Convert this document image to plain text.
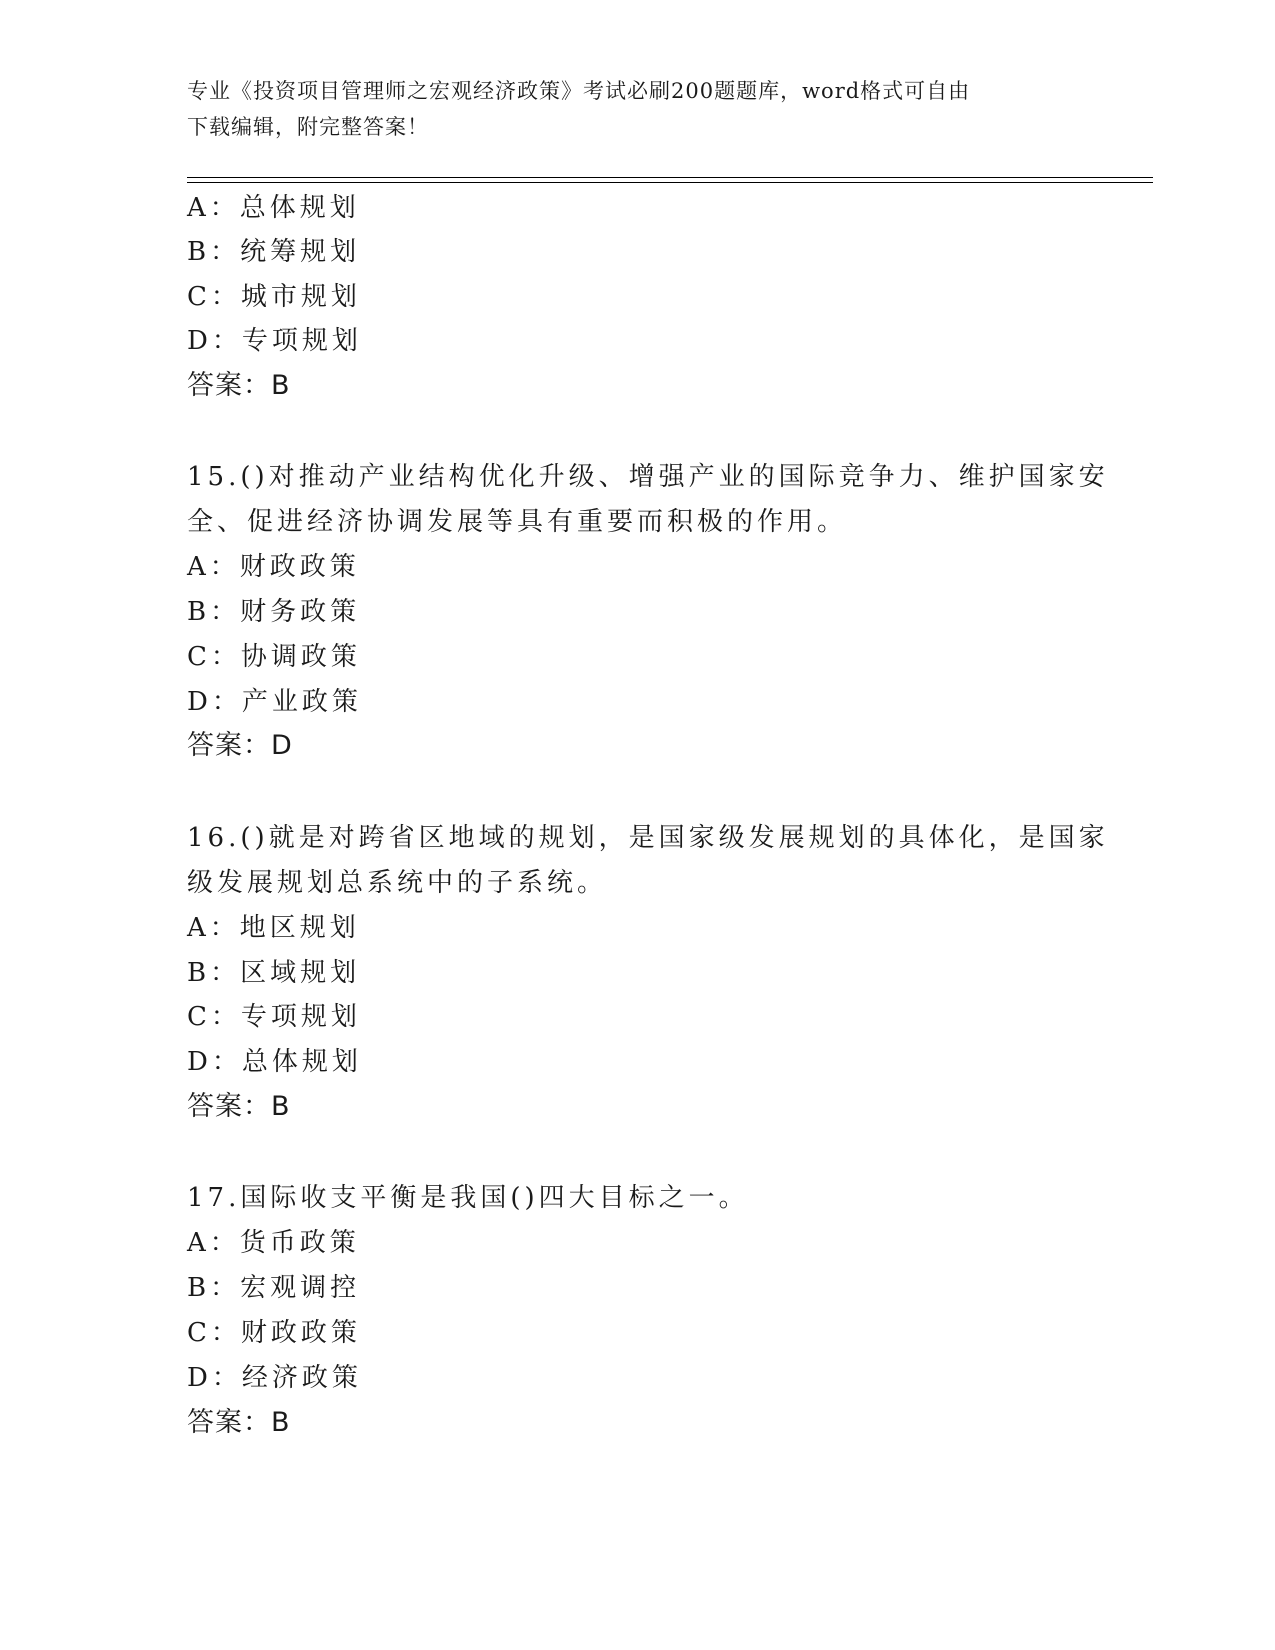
专业《投资项目管理师之宏观经济政策》考试必刷200题题库，word格式可自由
下载编辑，附完整答案！
A：总体规划
B：统筹规划
C：城市规划
D：专项规划
答案：B
15.()对推动产业结构优化升级、增强产业的国际竞争力、维护国家安
全、促进经济协调发展等具有重要而积极的作用。
A：财政政策
B：财务政策
C：协调政策
D：产业政策
答案：D
16.()就是对跨省区地域的规划，是国家级发展规划的具体化，是国家
级发展规划总系统中的子系统。
A：地区规划
B：区域规划
C：专项规划
D：总体规划
答案：B
17.国际收支平衡是我国()四大目标之一。
A：货币政策
B：宏观调控
C：财政政策
D：经济政策
答案：B
